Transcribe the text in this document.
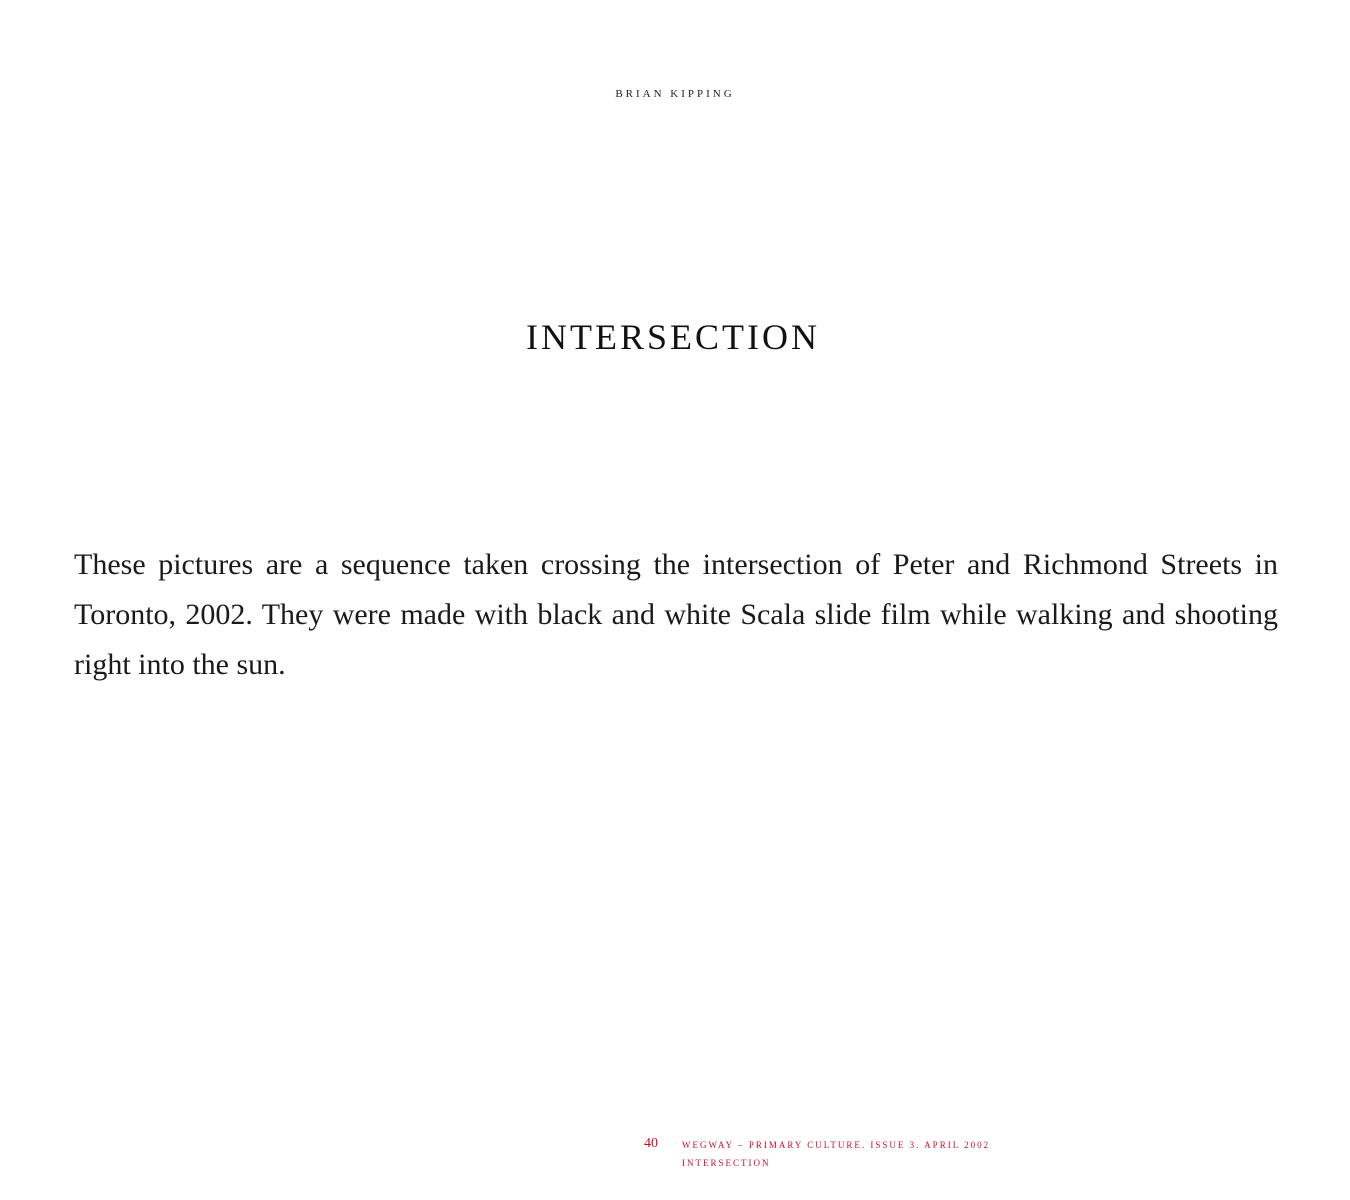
BRIAN KIPPING
INTERSECTION

These pictures are a sequence taken crossing the intersection of Peter and Richmond Streets in Toronto, 2002. They were made with black and white Scala slide film while walking and shooting right into the sun.

40	WEGWAY – PRIMARY CULTURE. ISSUE 3. APRIL 2002
INTERSECTION
